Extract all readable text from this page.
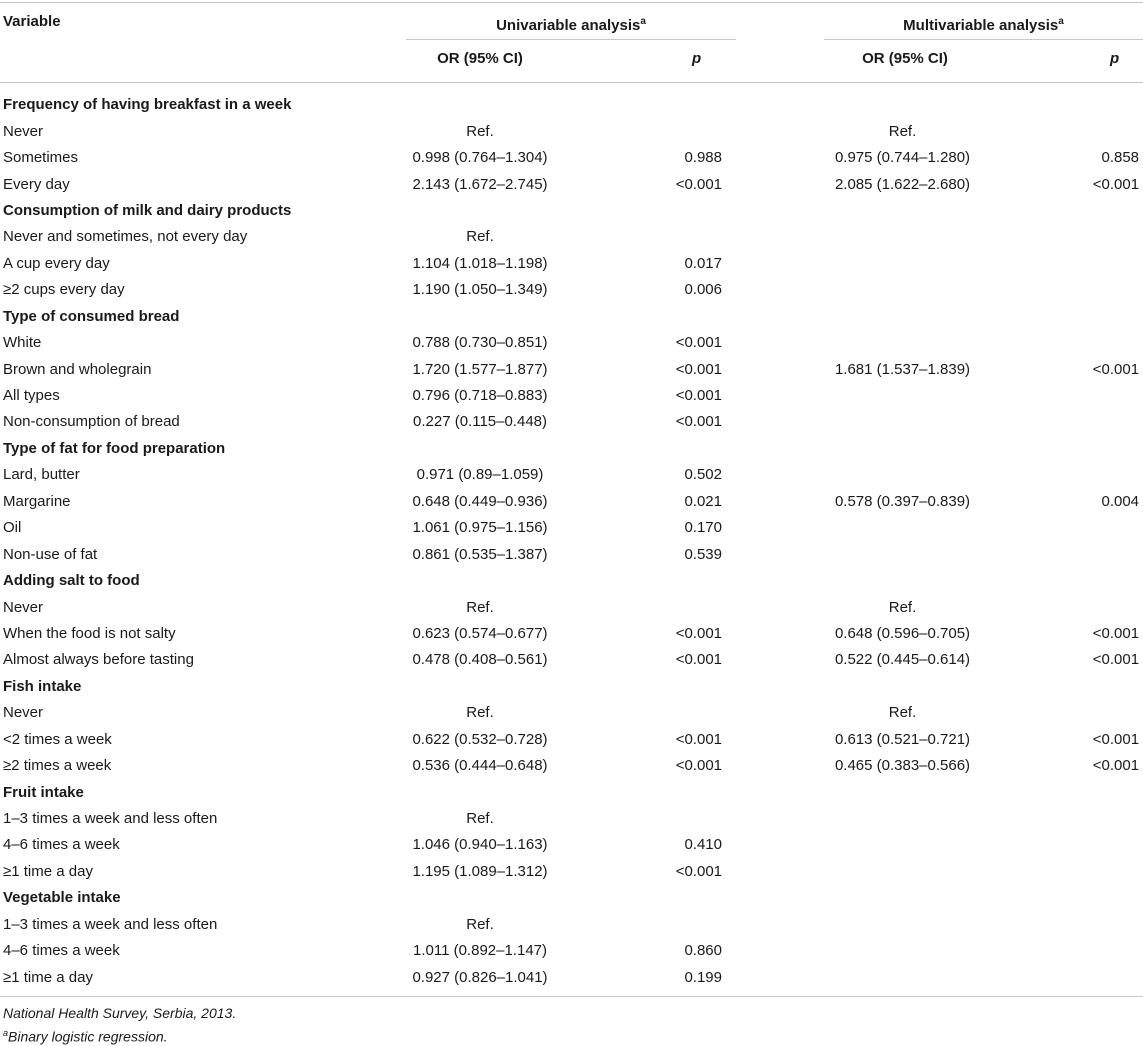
Variable	Univariable analysis$^a$	Multivariable analysis$^a$
OR (95% CI)	p	OR (95% CI)	p
Frequency of having breakfast in a week				
Never	Ref.		Ref.	
Sometimes	0.998 (0.764–1.304)	0.988	0.975 (0.744–1.280)	0.858
Every day	2.143 (1.672–2.745)	<0.001	2.085 (1.622–2.680)	<0.001
Consumption of milk and dairy products				
Never and sometimes, not every day	Ref.			
A cup every day	1.104 (1.018–1.198)	0.017		
≥2 cups every day	1.190 (1.050–1.349)	0.006		
Type of consumed bread				
White	0.788 (0.730–0.851)	<0.001		
Brown and wholegrain	1.720 (1.577–1.877)	<0.001	1.681 (1.537–1.839)	<0.001
All types	0.796 (0.718–0.883)	<0.001		
Non-consumption of bread	0.227 (0.115–0.448)	<0.001		
Type of fat for food preparation				
Lard, butter	0.971 (0.89–1.059)	0.502		
Margarine	0.648 (0.449–0.936)	0.021	0.578 (0.397–0.839)	0.004
Oil	1.061 (0.975–1.156)	0.170		
Non-use of fat	0.861 (0.535–1.387)	0.539		
Adding salt to food				
Never	Ref.		Ref.	
When the food is not salty	0.623 (0.574–0.677)	<0.001	0.648 (0.596–0.705)	<0.001
Almost always before tasting	0.478 (0.408–0.561)	<0.001	0.522 (0.445–0.614)	<0.001
Fish intake				
Never	Ref.		Ref.	
<2 times a week	0.622 (0.532–0.728)	<0.001	0.613 (0.521–0.721)	<0.001
≥2 times a week	0.536 (0.444–0.648)	<0.001	0.465 (0.383–0.566)	<0.001
Fruit intake				
1–3 times a week and less often	Ref.			
4–6 times a week	1.046 (0.940–1.163)	0.410		
≥1 time a day	1.195 (1.089–1.312)	<0.001		
Vegetable intake				
1–3 times a week and less often	Ref.			
4–6 times a week	1.011 (0.892–1.147)	0.860		
≥1 time a day	0.927 (0.826–1.041)	0.199		
National Health Survey, Serbia, 2013.
$^a$Binary logistic regression.
